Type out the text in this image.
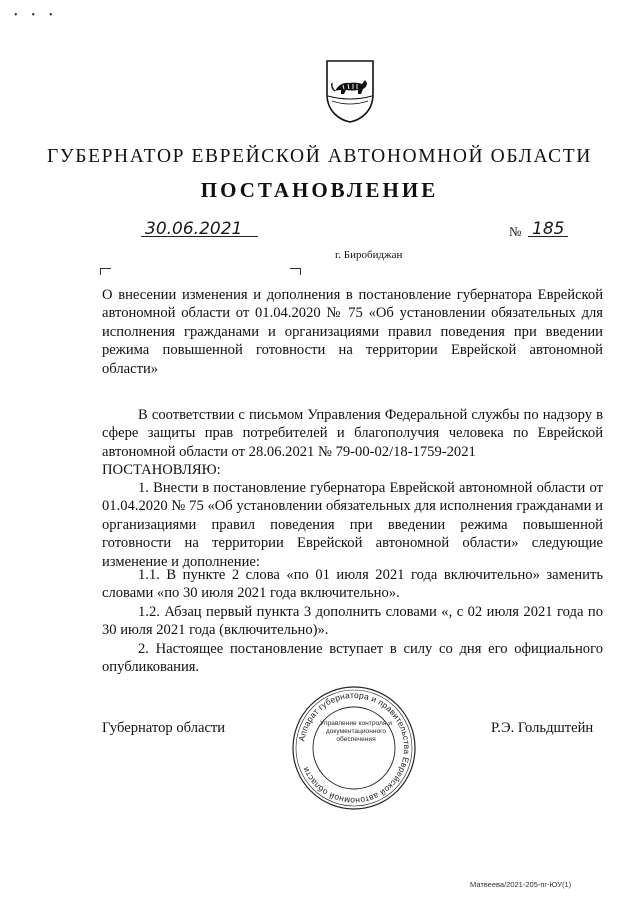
•••
ГУБЕРНАТОР ЕВРЕЙСКОЙ АВТОНОМНОЙ ОБЛАСТИ
ПОСТАНОВЛЕНИЕ
30.06.2021	№ 185
г. Биробиджан
О внесении изменения и дополнения в постановление губернатора Еврейской автономной области от 01.04.2020 № 75 «Об установлении обязательных для исполнения гражданами и организациями правил поведения при введении режима повышенной готовности на территории Еврейской автономной области»
В соответствии с письмом Управления Федеральной службы по надзору в сфере защиты прав потребителей и благополучия человека по Еврейской автономной области от 28.06.2021 № 79-00-02/18-1759-2021
ПОСТАНОВЛЯЮ:
1. Внести в постановление губернатора Еврейской автономной области от 01.04.2020 № 75 «Об установлении обязательных для исполнения гражданами и организациями правил поведения при введении режима повышенной готовности на территории Еврейской автономной области» следующие изменение и дополнение:
1.1. В пункте 2 слова «по 01 июля 2021 года включительно» заменить словами «по 30 июля 2021 года включительно».
1.2. Абзац первый пункта 3 дополнить словами «, с 02 июля 2021 года по 30 июля 2021 года (включительно)».
2. Настоящее постановление вступает в силу со дня его официального опубликования.
Губернатор области	Р.Э. Гольдштейн
Аппарат губернатора и правительства Еврейской автономной области
Управление контроля и документационного обеспечения
Матвеева/2021-205-пг-ЮУ(1)
